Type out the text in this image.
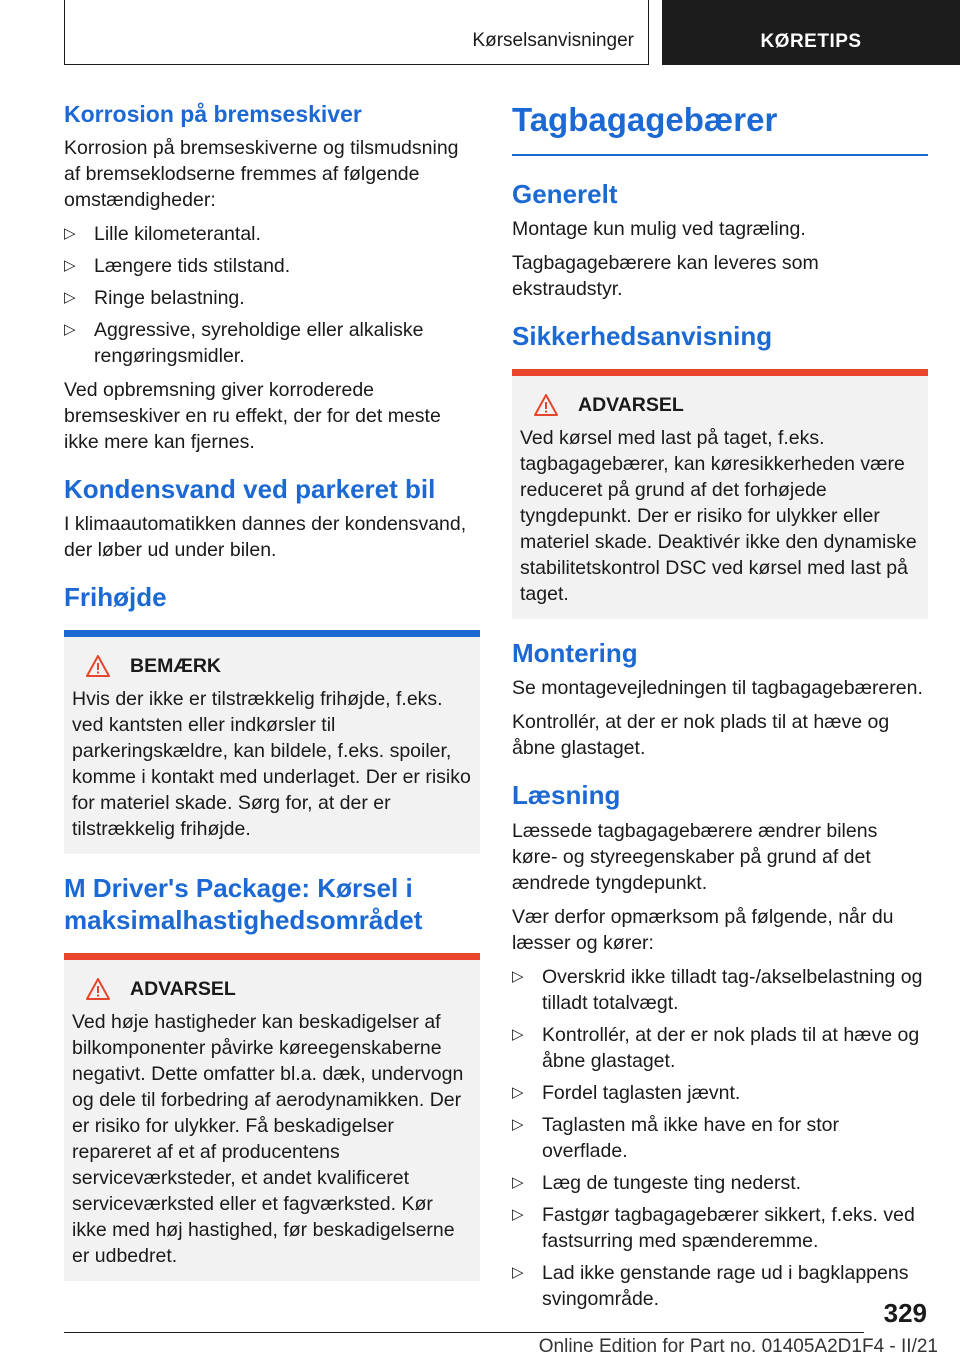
Kørselsanvisninger	KØRETIPS
Korrosion på bremseskiver

Korrosion på bremseskiverne og tilsmudsning af bremseklodserne fremmes af følgende omstændigheder:

▷ Lille kilometerantal.
▷ Længere tids stilstand.
▷ Ringe belastning.
▷ Aggressive, syreholdige eller alkaliske rengøringsmidler.

Ved opbremsning giver korroderede bremseskiver en ru effekt, der for det meste ikke mere kan fjernes.

Kondensvand ved parkeret bil

I klimaautomatikken dannes der kondensvand, der løber ud under bilen.

Frihøjde
BEMÆRK

Hvis der ikke er tilstrækkelig frihøjde, f.eks. ved kantsten eller indkørsler til parkeringskældre, kan bildele, f.eks. spoiler, komme i kontakt med underlaget. Der er risiko for materiel skade. Sørg for, at der er tilstrækkelig frihøjde.

M Driver's Package: Kørsel i maksimalhastighedsområdet
ADVARSEL

Ved høje hastigheder kan beskadigelser af bilkomponenter påvirke køreegenskaberne negativt. Dette omfatter bl.a. dæk, undervogn og dele til forbedring af aerodynamikken. Der er risiko for ulykker. Få beskadigelser repareret af et af producentens serviceværksteder, et andet kvalificeret serviceværksted eller et fagværksted. Kør ikke med høj hastighed, før beskadigelserne er udbedret.

Tagbagagebærer
Generelt

Montage kun mulig ved tagræling.

Tagbagagebærere kan leveres som ekstraudstyr.

Sikkerhedsanvisning
ADVARSEL

Ved kørsel med last på taget, f.eks. tagbagagebærer, kan køresikkerheden være reduceret på grund af det forhøjede tyngdepunkt. Der er risiko for ulykker eller materiel skade. Deaktivér ikke den dynamiske stabilitetskontrol DSC ved kørsel med last på taget.

Montering

Se montagevejledningen til tagbagagebæreren.

Kontrollér, at der er nok plads til at hæve og åbne glastaget.

Læsning

Læssede tagbagagebærere ændrer bilens køre- og styreegenskaber på grund af det ændrede tyngdepunkt.

Vær derfor opmærksom på følgende, når du læsser og kører:

▷ Overskrid ikke tilladt tag-/akselbelastning og tilladt totalvægt.
▷ Kontrollér, at der er nok plads til at hæve og åbne glastaget.
▷ Fordel taglasten jævnt.
▷ Taglasten må ikke have en for stor overflade.
▷ Læg de tungeste ting nederst.
▷ Fastgør tagbagagebærer sikkert, f.eks. ved fastsurring med spænderemme.
▷ Lad ikke genstande rage ud i bagklappens svingområde.	329
Online Edition for Part no. 01405A2D1F4 - II/21
